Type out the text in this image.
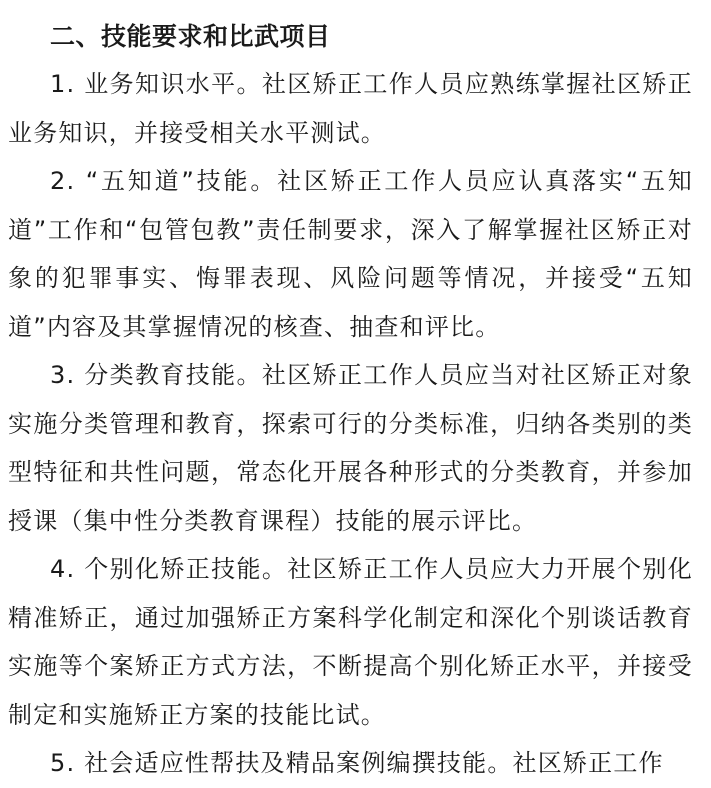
二、技能要求和比武项目

1. 业务知识水平。社区矫正工作人员应熟练掌握社区矫正业务知识，并接受相关水平测试。

2. “五知道”技能。社区矫正工作人员应认真落实“五知道”工作和“包管包教”责任制要求，深入了解掌握社区矫正对象的犯罪事实、悔罪表现、风险问题等情况，并接受“五知道”内容及其掌握情况的核查、抽查和评比。

3. 分类教育技能。社区矫正工作人员应当对社区矫正对象实施分类管理和教育，探索可行的分类标准，归纳各类别的类型特征和共性问题，常态化开展各种形式的分类教育，并参加授课（集中性分类教育课程）技能的展示评比。

4. 个别化矫正技能。社区矫正工作人员应大力开展个别化精准矫正，通过加强矫正方案科学化制定和深化个别谈话教育实施等个案矫正方式方法，不断提高个别化矫正水平，并接受制定和实施矫正方案的技能比试。

5. 社会适应性帮扶及精品案例编撰技能。社区矫正工作
